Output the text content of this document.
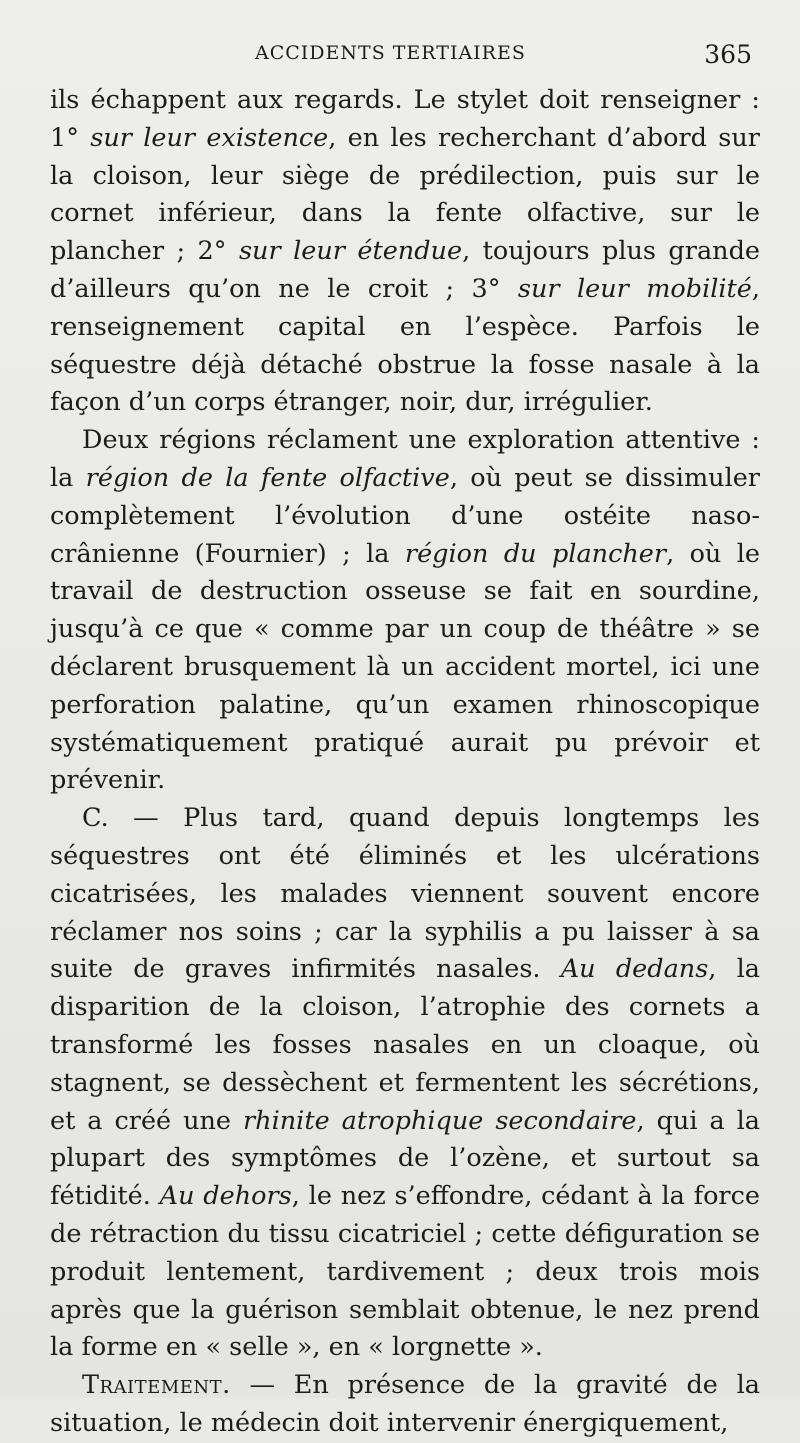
ACCIDENTS TERTIAIRES	365

ils échappent aux regards. Le stylet doit renseigner : 1° sur leur existence, en les recherchant d’abord sur la cloison, leur siège de prédilection, puis sur le cornet inférieur, dans la fente olfactive, sur le plancher ; 2° sur leur étendue, toujours plus grande d’ailleurs qu’on ne le croit ; 3° sur leur mobilité, renseignement capital en l’espèce. Parfois le séquestre déjà détaché obstrue la fosse nasale à la façon d’un corps étranger, noir, dur, irrégulier.

Deux régions réclament une exploration attentive : la région de la fente olfactive, où peut se dissimuler complètement l’évolution d’une ostéite naso-crânienne (Fournier) ; la région du plancher, où le travail de destruction osseuse se fait en sourdine, jusqu’à ce que « comme par un coup de théâtre » se déclarent brusquement là un accident mortel, ici une perforation palatine, qu’un examen rhinoscopique systématiquement pratiqué aurait pu prévoir et prévenir.

C. — Plus tard, quand depuis longtemps les séquestres ont été éliminés et les ulcérations cicatrisées, les malades viennent souvent encore réclamer nos soins ; car la syphilis a pu laisser à sa suite de graves infirmités nasales. Au dedans, la disparition de la cloison, l’atrophie des cornets a transformé les fosses nasales en un cloaque, où stagnent, se dessèchent et fermentent les sécrétions, et a créé une rhinite atrophique secondaire, qui a la plupart des symptômes de l’ozène, et surtout sa fétidité. Au dehors, le nez s’effondre, cédant à la force de rétraction du tissu cicatriciel ; cette défiguration se produit lentement, tardivement ; deux trois mois après que la guérison semblait obtenue, le nez prend la forme en « selle », en « lorgnette ».

Traitement. — En présence de la gravité de la situation, le médecin doit intervenir énergiquement,
